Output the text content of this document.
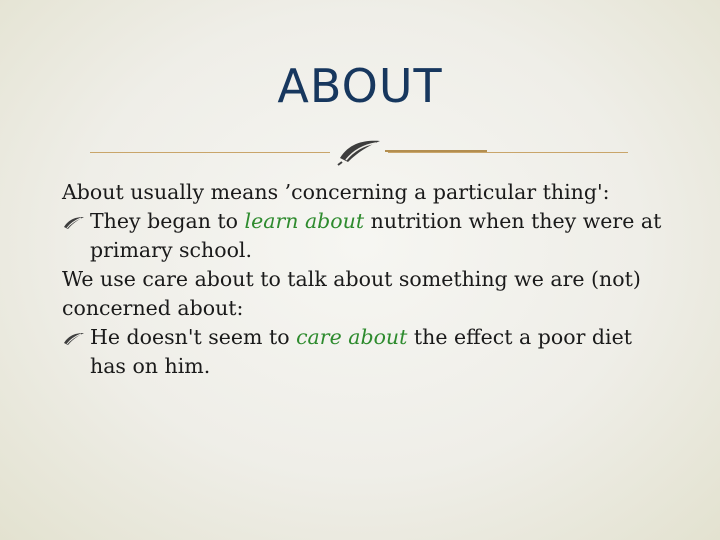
ABOUT

About usually means ’concerning a particular thing':

They began to learn about nutrition when they were at primary school.

We use care about to talk about something we are (not) concerned about:

He doesn't seem to care about the effect a poor diet has on him.
